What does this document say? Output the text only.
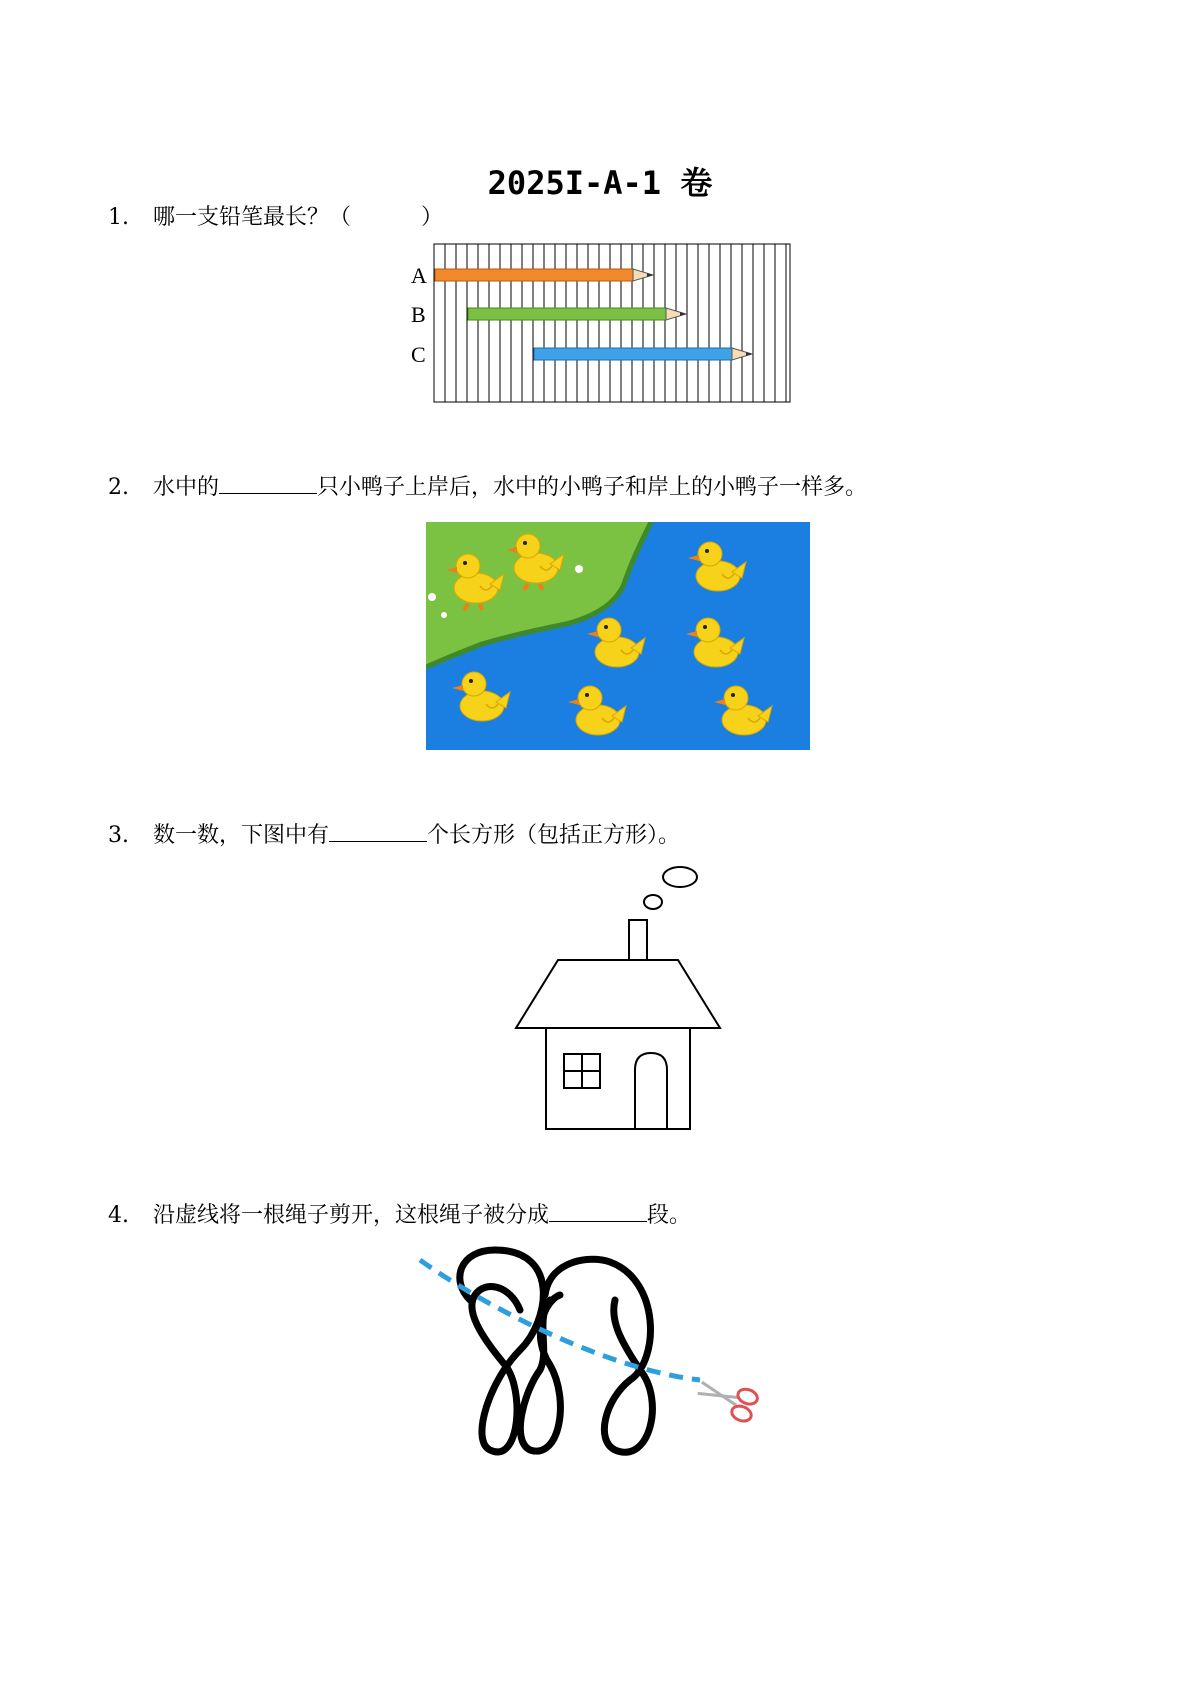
2025I-A-1 卷
1. 哪一支铅笔最长？（	）
A
B
C
2. 水中的	只小鸭子上岸后，水中的小鸭子和岸上的小鸭子一样多。
3. 数一数，下图中有	个长方形（包括正方形）。
4. 沿虚线将一根绳子剪开，这根绳子被分成	段。
